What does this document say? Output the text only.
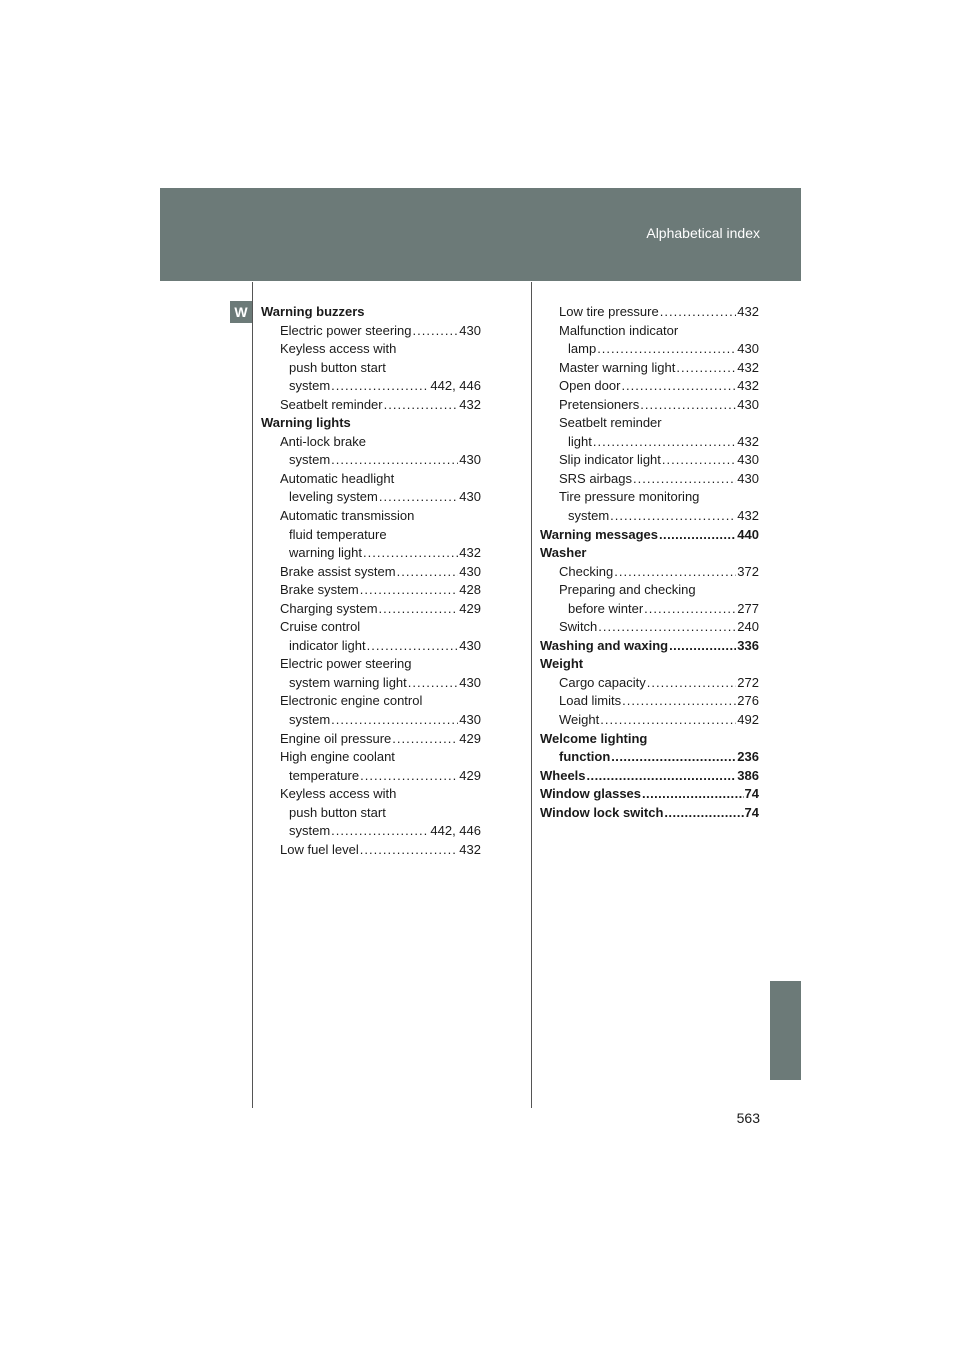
Alphabetical index
W	Warning buzzers
Electric power steering . . .	430
Keyless access with
push button start
system . . .	442, 446
Seatbelt reminder . . .	432
Warning lights
Anti-lock brake
system . . .	430
Automatic headlight
leveling system . . .	430
Automatic transmission
fluid temperature
warning light . . .	432
Brake assist system . . .	430
Brake system . . .	428
Charging system . . .	429
Cruise control
indicator light . . .	430
Electric power steering
system warning light . . .	430
Electronic engine control
system . . .	430
Engine oil pressure . . .	429
High engine coolant
temperature . . .	429
Keyless access with
push button start
system . . .	442, 446
Low fuel level . . .	432
Low tire pressure . . .	432
Malfunction indicator
lamp . . .	430
Master warning light . . .	432
Open door . . .	432
Pretensioners . . .	430
Seatbelt reminder
light . . .	432
Slip indicator light . . .	430
SRS airbags . . .	430
Tire pressure monitoring
system . . .	432
Warning messages . . .	440
Washer
Checking . . .	372
Preparing and checking
before winter . . .	277
Switch . . .	240
Washing and waxing . . .	336
Weight
Cargo capacity . . .	272
Load limits . . .	276
Weight . . .	492
Welcome lighting
function . . .	236
Wheels . . .	386
Window glasses . . .	74
Window lock switch . . .	74
563
